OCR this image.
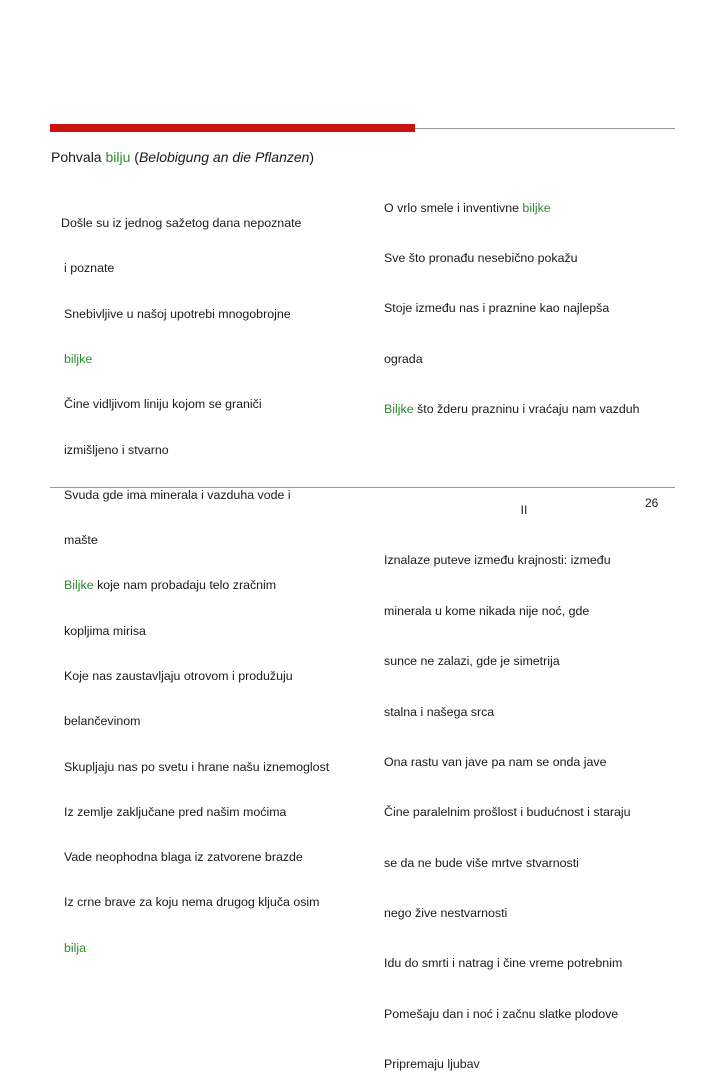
Pohvala bilju (Belobigung an die Pflanzen)

Došle su iz jednog sažetog dana nepoznate

i poznate

Snebivljive u našoj upotrebi mnogobrojne

biljke

Čine vidljivom liniju kojom se graniči

izmišljeno i stvarno

Svuda gde ima minerala i vazduha vode i

mašte

Biljke koje nam probadaju telo zračnim

kopljima mirisa

Koje nas zaustavljaju otrovom i produžuju

belančevinom

Skupljaju nas po svetu i hrane našu iznemoglost

Iz zemlje zaključane pred našim moćima

Vade neophodna blaga iz zatvorene brazde

Iz crne brave za koju nema drugog ključa osim

bilja

O vrlo smele i inventivne biljke

Sve što pronađu nesebično pokažu

Stoje između nas i praznine kao najlepša

ograda

Biljke što žderu prazninu i vraćaju nam vazduh

II

Iznalaze puteve između krajnosti: između

minerala u kome nikada nije noć, gde

sunce ne zalazi, gde je simetrija

stalna i našega srca

Ona rastu van jave pa nam se onda jave

Čine paralelnim prošlost i budućnost i staraju

se da ne bude više mrtve stvarnosti

nego žive nestvarnosti

Idu do smrti i natrag i čine vreme potrebnim

Pomešaju dan i noć i začnu slatke plodove

Pripremaju ljubav

26
